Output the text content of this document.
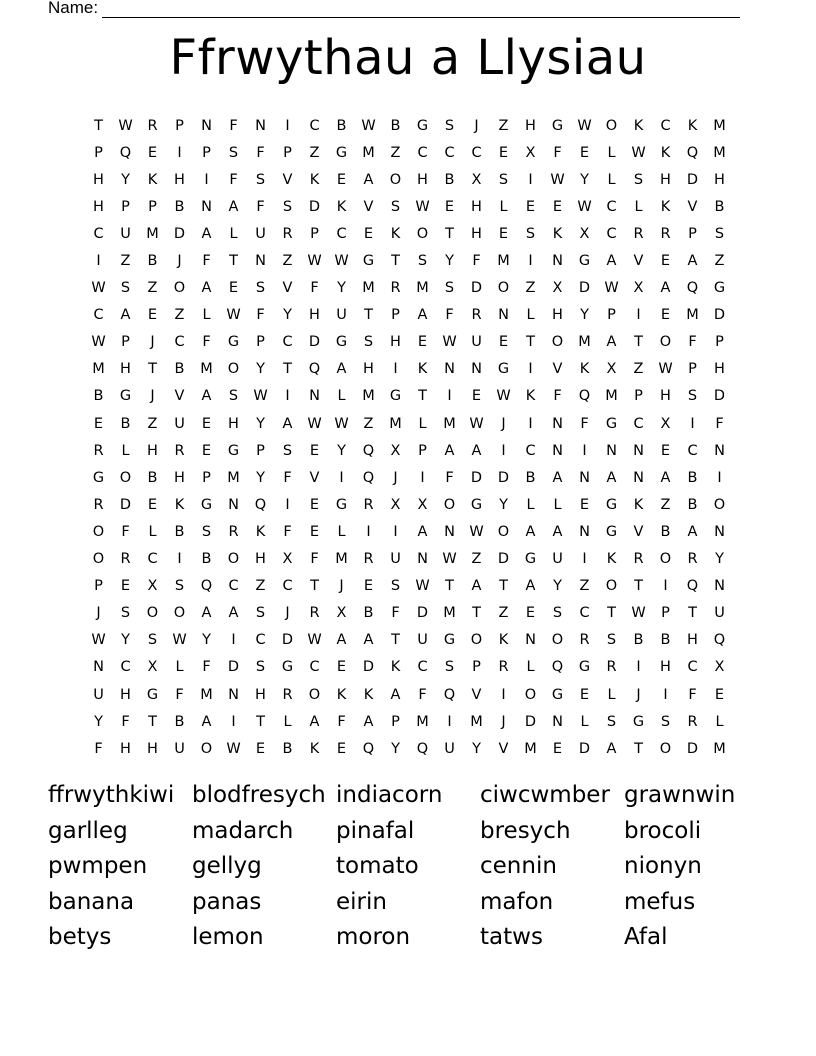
Name:
Ffrwythau a Llysiau
T	W	R	P	N	F	N	I	C	B	W	B	G	S	J	Z	H	G W O	K	C	K	M
P	Q	E	I	P	S	F	P	Z	G	M	Z	C	C	C	E	X	F	E	L	W	K	Q	M
H	Y	K	H	I	F	S	V	K	E	A	O	H	B	X	S	I	W	Y	L	S	H	D	H
H	P	P	B	N	A	F	S	D	K	V	S	W	E	H	L	E	E	W	C	L	K	V	B
C	U	M	D	A	L	U	R	P	C	E	K	O	T	H	E	S	K	X	C	R	R	P	S
I	Z	B	J	F	T	N	Z	W W G	T	S	Y	F	M	I	N	G	A	V	E	A	Z
W	S	Z	O	A	E	S	V	F	Y	M	R	M	S	D	O	Z	X	D W	X	A	Q	G
C	A	E	Z	L	W	F	Y	H	U	T	P	A	F	R	N	L	H	Y	P	I	E	M	D
W	P	J	C	F	G	P	C	D	G	S	H	E	W	U	E	T	O	M	A	T	O	F	P
M	H	T	B	M	O	Y	T	Q	A	H	I	K	N	N	G	I	V	K	X	Z	W	P	H
B	G	J	V	A	S	W	I	N	L	M	G	T	I	E	W	K	F	Q	M	P	H	S	D
E	B	Z	U	E	H	Y	A	W W	Z	M	L	M W	J	I	N	F	G	C	X	I	F
R	L	H	R	E	G	P	S	E	Y	Q	X	P	A	A	I	C	N	I	N	N	E	C	N
G	O	B	H	P	M	Y	F	V	I	Q	J	I	F	D	D	B	A	N	A	N	A	B	I
R	D	E	K	G	N	Q	I	E	G	R	X	X	O	G	Y	L	L	E	G	K	Z	B	O
O	F	L	B	S	R	K	F	E	L	I	I	A	N W O	A	A	N	G	V	B	A	N
O	R	C	I	B	O	H	X	F	M	R	U	N W	Z	D	G	U	I	K	R	O	R	Y
P	E	X	S	Q	C	Z	C	T	J	E	S	W	T	A	T	A	Y	Z	O	T	I	Q	N
J	S	O	O	A	A	S	J	R	X	B	F	D	M	T	Z	E	S	C	T	W	P	T	U
W	Y	S	W	Y	I	C	D W	A	A	T	U	G	O	K	N	O	R	S	B	B	H	Q
N	C	X	L	F	D	S	G	C	E	D	K	C	S	P	R	L	Q	G	R	I	H	C	X
U	H	G	F	M	N	H	R	O	K	K	A	F	Q	V	I	O	G	E	L	J	I	F	E
Y	F	T	B	A	I	T	L	A	F	A	P	M	I	M	J	D	N	L	S	G	S	R	L
F	H	H	U	O W	E	B	K	E	Q	Y	Q	U	Y	V	M	E	D	A	T	O	D	M
ffrwythkiwi blodfresych indiacorn	ciwcwmber grawnwin
garlleg	madarch	pinafal	bresych	brocoli
pwmpen	gellyg	tomato	cennin	nionyn
banana	panas	eirin	mafon	mefus
betys	lemon	moron	tatws	Afal
